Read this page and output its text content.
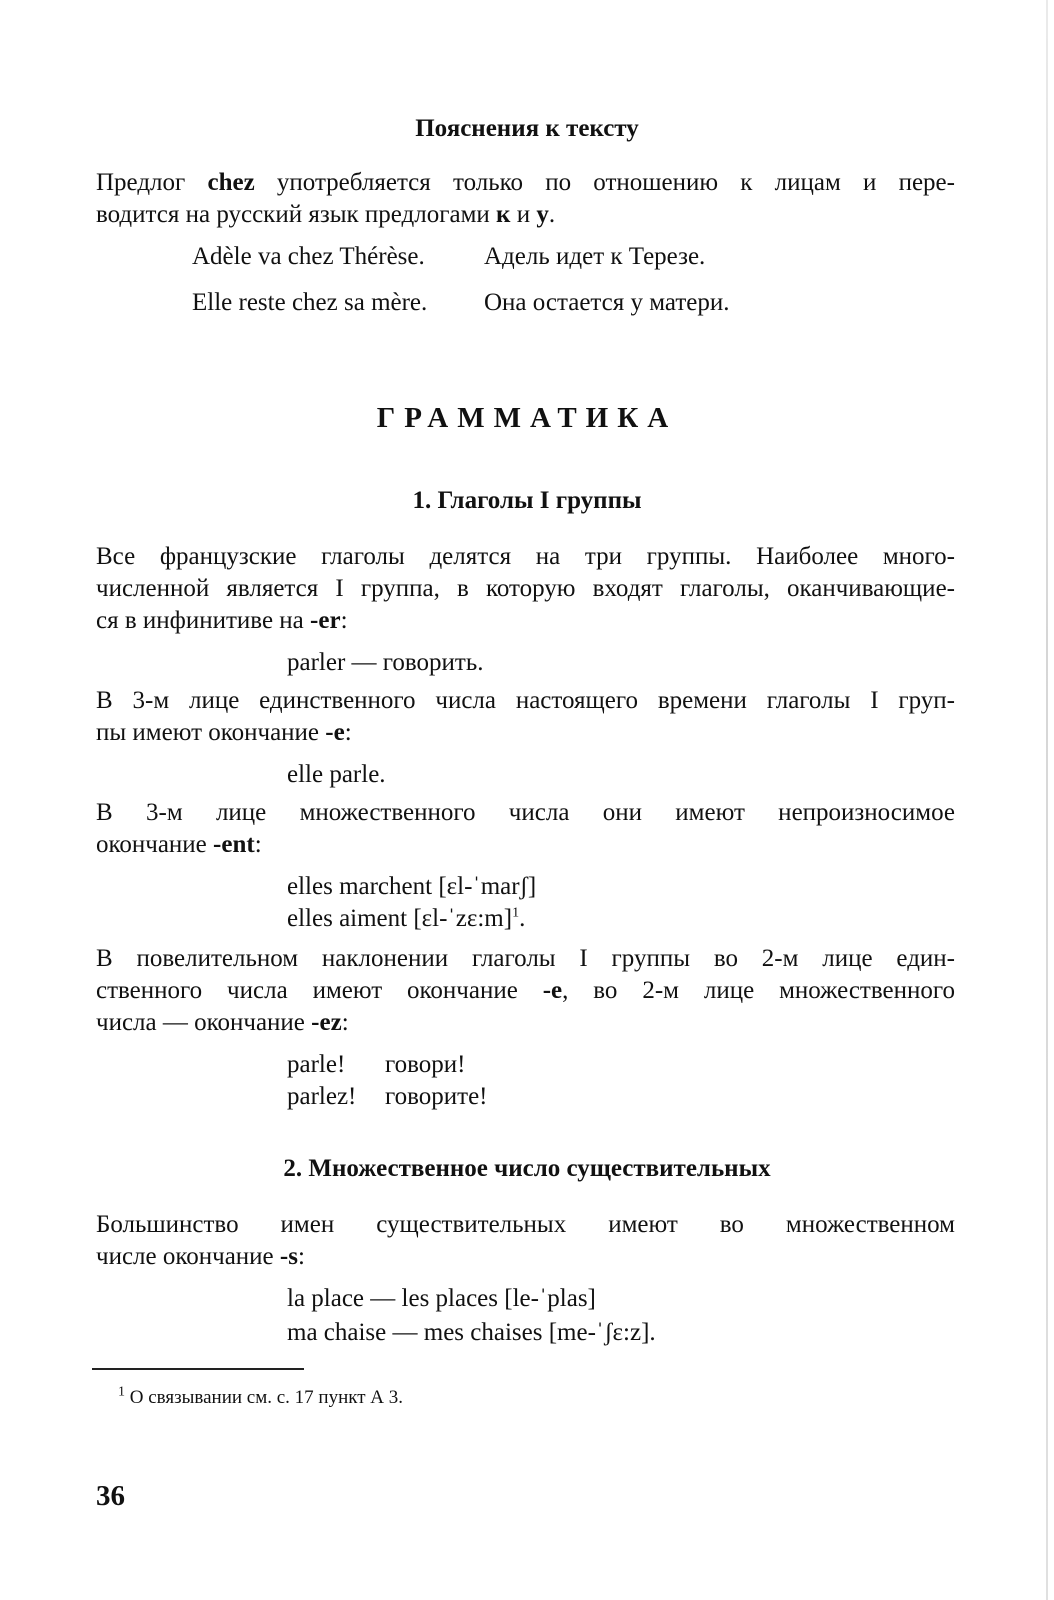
Пояснения к тексту
Предлог chez употребляется только по отношению к лицам и пере-
водится на русский язык предлогами к и у.
Adèle va chez Thérèse. Адель идет к Терезе.
Elle reste chez sa mère. Она остается у матери.
ГРАММАТИКА
1. Глаголы I группы
Все французские глаголы делятся на три группы. Наиболее много-
численной является I группа, в которую входят глаголы, оканчивающие-
ся в инфинитиве на -er:
parler — говорить.
В 3-м лице единственного числа настоящего времени глаголы I груп-
пы имеют окончание -e:
elle parle.
В 3-м лице множественного числа они имеют непроизносимое
окончание -ent:
elles marchent [ɛl-ˈmarʃ]
elles aiment [ɛl-ˈzɛ:m]$^1$.
В повелительном наклонении глаголы I группы во 2-м лице един-
ственного числа имеют окончание -e, во 2-м лице множественного
числа — окончание -ez:
parle! говори!
parlez! говорите!
2. Множественное число существительных
Большинство имен существительных имеют во множественном
числе окончание -s:
la place — les places [le-ˈplas]
ma chaise — mes chaises [me-ˈʃɛ:z].
$^1$ О связывании см. с. 17 пункт А 3.
36
